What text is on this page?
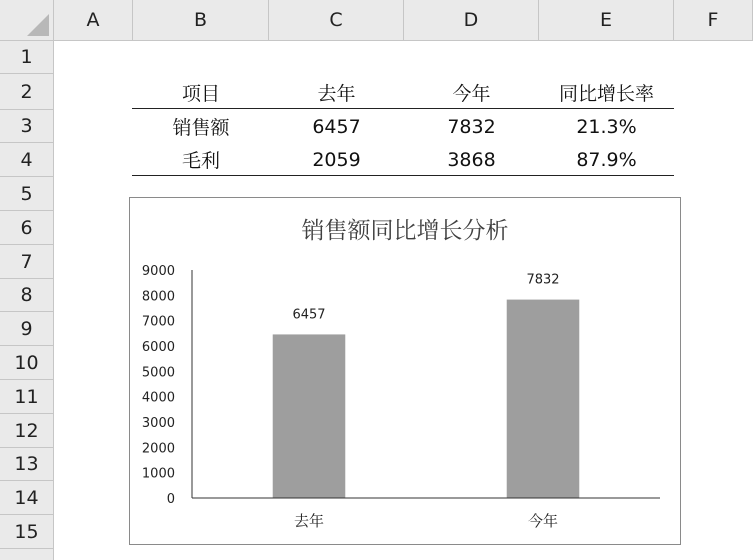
A	B	C	D	E	F
1
2
3
4
5
6
7
8
9
10
11
12
13
14
15
项目	去年	今年	同比增长率
销售额	6457	7832	21.3%
毛利	2059	3868	87.9%
销售额同比增长分析
0
1000
2000
3000
4000
5000
6000
7000
8000
9000
6457
7832
去年	今年
